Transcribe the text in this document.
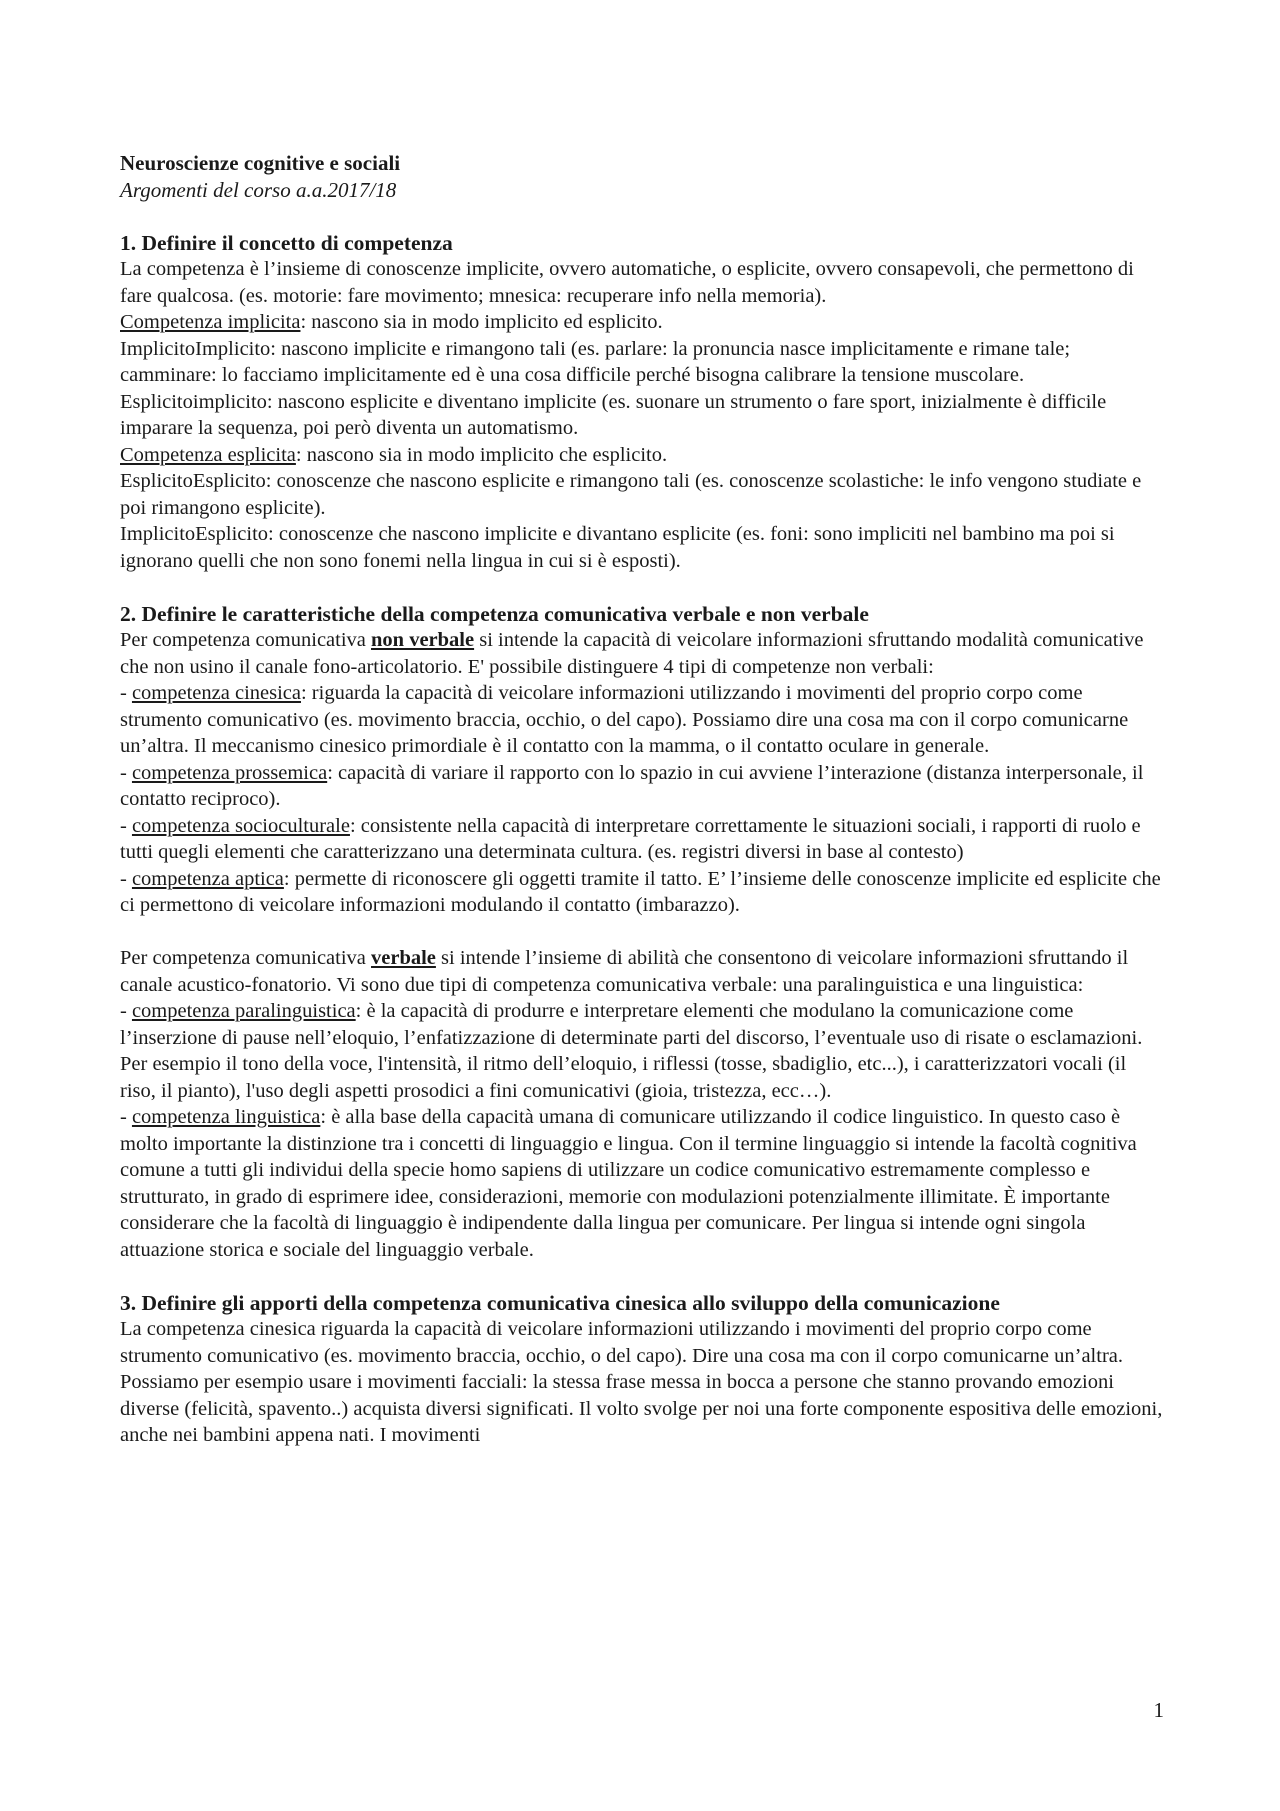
Neuroscienze cognitive e sociali
Argomenti del corso a.a.2017/18
1. Definire il concetto di competenza

La competenza è l’insieme di conoscenze implicite, ovvero automatiche, o esplicite, ovvero consapevoli, che permettono di fare qualcosa. (es. motorie: fare movimento; mnesica: recuperare info nella memoria).

Competenza implicita: nascono sia in modo implicito ed esplicito.

ImplicitoImplicito: nascono implicite e rimangono tali (es. parlare: la pronuncia nasce implicitamente e rimane tale; camminare: lo facciamo implicitamente ed è una cosa difficile perché bisogna calibrare la tensione muscolare.

Esplicitoimplicito: nascono esplicite e diventano implicite (es. suonare un strumento o fare sport, inizialmente è difficile imparare la sequenza, poi però diventa un automatismo.

Competenza esplicita: nascono sia in modo implicito che esplicito.

EsplicitoEsplicito: conoscenze che nascono esplicite e rimangono tali (es. conoscenze scolastiche: le info vengono studiate e poi rimangono esplicite).

ImplicitoEsplicito: conoscenze che nascono implicite e divantano esplicite (es. foni: sono impliciti nel bambino ma poi si ignorano quelli che non sono fonemi nella lingua in cui si è esposti).

2. Definire le caratteristiche della competenza comunicativa verbale e non verbale

Per competenza comunicativa non verbale si intende la capacità di veicolare informazioni sfruttando modalità comunicative che non usino il canale fono-articolatorio. E' possibile distinguere 4 tipi di competenze non verbali:

- competenza cinesica: riguarda la capacità di veicolare informazioni utilizzando i movimenti del proprio corpo come strumento comunicativo (es. movimento braccia, occhio, o del capo). Possiamo dire una cosa ma con il corpo comunicarne un’altra. Il meccanismo cinesico primordiale è il contatto con la mamma, o il contatto oculare in generale.

- competenza prossemica: capacità di variare il rapporto con lo spazio in cui avviene l’interazione (distanza interpersonale, il contatto reciproco).

- competenza socioculturale: consistente nella capacità di interpretare correttamente le situazioni sociali, i rapporti di ruolo e tutti quegli elementi che caratterizzano una determinata cultura. (es. registri diversi in base al contesto)

- competenza aptica: permette di riconoscere gli oggetti tramite il tatto. E’ l’insieme delle conoscenze implicite ed esplicite che ci permettono di veicolare informazioni modulando il contatto (imbarazzo).

Per competenza comunicativa verbale si intende l’insieme di abilità che consentono di veicolare informazioni sfruttando il canale acustico-fonatorio. Vi sono due tipi di competenza comunicativa verbale: una paralinguistica e una linguistica:

- competenza paralinguistica: è la capacità di produrre e interpretare elementi che modulano la comunicazione come l’inserzione di pause nell’eloquio, l’enfatizzazione di determinate parti del discorso, l’eventuale uso di risate o esclamazioni. Per esempio il tono della voce, l'intensità, il ritmo dell’eloquio, i riflessi (tosse, sbadiglio, etc...), i caratterizzatori vocali (il riso, il pianto), l'uso degli aspetti prosodici a fini comunicativi (gioia, tristezza, ecc…).

- competenza linguistica: è alla base della capacità umana di comunicare utilizzando il codice linguistico. In questo caso è molto importante la distinzione tra i concetti di linguaggio e lingua. Con il termine linguaggio si intende la facoltà cognitiva comune a tutti gli individui della specie homo sapiens di utilizzare un codice comunicativo estremamente complesso e strutturato, in grado di esprimere idee, considerazioni, memorie con modulazioni potenzialmente illimitate. È importante considerare che la facoltà di linguaggio è indipendente dalla lingua per comunicare. Per lingua si intende ogni singola attuazione storica e sociale del linguaggio verbale.

3. Definire gli apporti della competenza comunicativa cinesica allo sviluppo della comunicazione

La competenza cinesica riguarda la capacità di veicolare informazioni utilizzando i movimenti del proprio corpo come strumento comunicativo (es. movimento braccia, occhio, o del capo). Dire una cosa ma con il corpo comunicarne un’altra. Possiamo per esempio usare i movimenti facciali: la stessa frase messa in bocca a persone che stanno provando emozioni diverse (felicità, spavento..) acquista diversi significati. Il volto svolge per noi una forte componente espositiva delle emozioni, anche nei bambini appena nati. I movimenti

1
